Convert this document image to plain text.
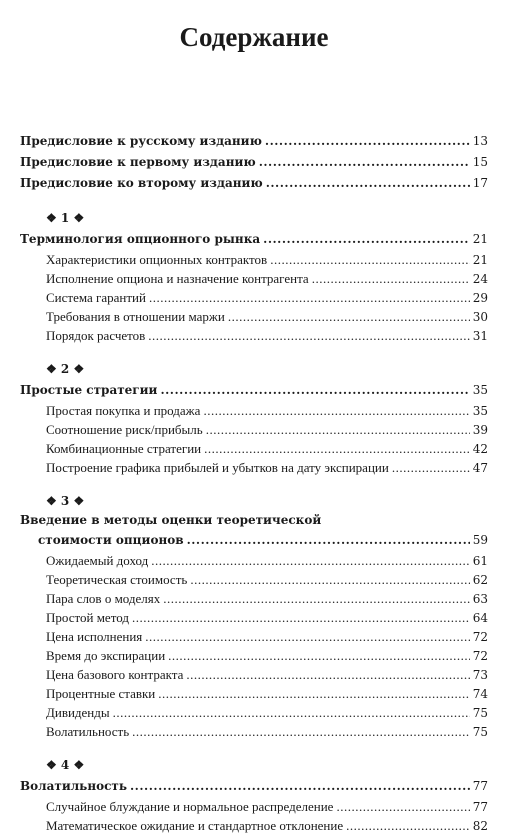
Содержание
Предисловие к русскому изданию .....	13
Предисловие к первому изданию .....	15
Предисловие ко второму изданию .....	17
❖ 1 ❖
Терминология опционного рынка .....	21
Характеристики опционных контрактов .....	21
Исполнение опциона и назначение контрагента .....	24
Система гарантий .....	29
Требования в отношении маржи .....	30
Порядок расчетов .....	31
❖ 2 ❖
Простые стратегии .....	35
Простая покупка и продажа .....	35
Соотношение риск/прибыль .....	39
Комбинационные стратегии .....	42
Построение графика прибылей и убытков на дату экспирации .....	47
❖ 3 ❖
Введение в методы оценки теоретической
стоимости опционов .....	59
Ожидаемый доход .....	61
Теоретическая стоимость .....	62
Пара слов о моделях .....	63
Простой метод .....	64
Цена исполнения .....	72
Время до экспирации .....	72
Цена базового контракта .....	73
Процентные ставки .....	74
Дивиденды .....	75
Волатильность .....	75
❖ 4 ❖
Волатильность .....	77
Случайное блуждание и нормальное распределение .....	77
Математическое ожидание и стандартное отклонение .....	82
